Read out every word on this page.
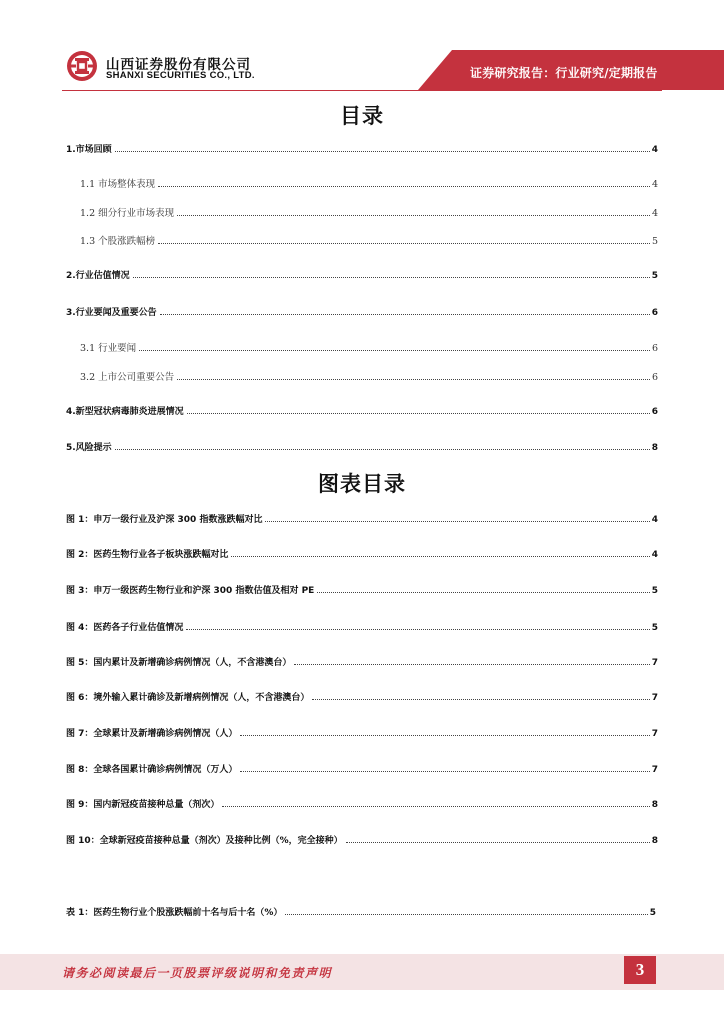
山西证券股份有限公司
SHANXI SECURITIES CO., LTD.	证券研究报告：行业研究/定期报告
目录
1.市场回顾	4
1.1 市场整体表现	4
1.2 细分行业市场表现	4
1.3 个股涨跌幅榜	5
2.行业估值情况	5
3.行业要闻及重要公告	6
3.1 行业要闻	6
3.2 上市公司重要公告	6
4.新型冠状病毒肺炎进展情况	6
5.风险提示	8
图表目录
图 1：申万一级行业及沪深 300 指数涨跌幅对比	4
图 2：医药生物行业各子板块涨跌幅对比	4
图 3：申万一级医药生物行业和沪深 300 指数估值及相对 PE	5
图 4：医药各子行业估值情况	5
图 5：国内累计及新增确诊病例情况（人，不含港澳台）	7
图 6：境外输入累计确诊及新增病例情况（人，不含港澳台）	7
图 7：全球累计及新增确诊病例情况（人）	7
图 8：全球各国累计确诊病例情况（万人）	7
图 9：国内新冠疫苗接种总量（剂次）	8
图 10：全球新冠疫苗接种总量（剂次）及接种比例（%，完全接种）	8
表 1：医药生物行业个股涨跌幅前十名与后十名（%）	5
请务必阅读最后一页股票评级说明和免责声明	3
